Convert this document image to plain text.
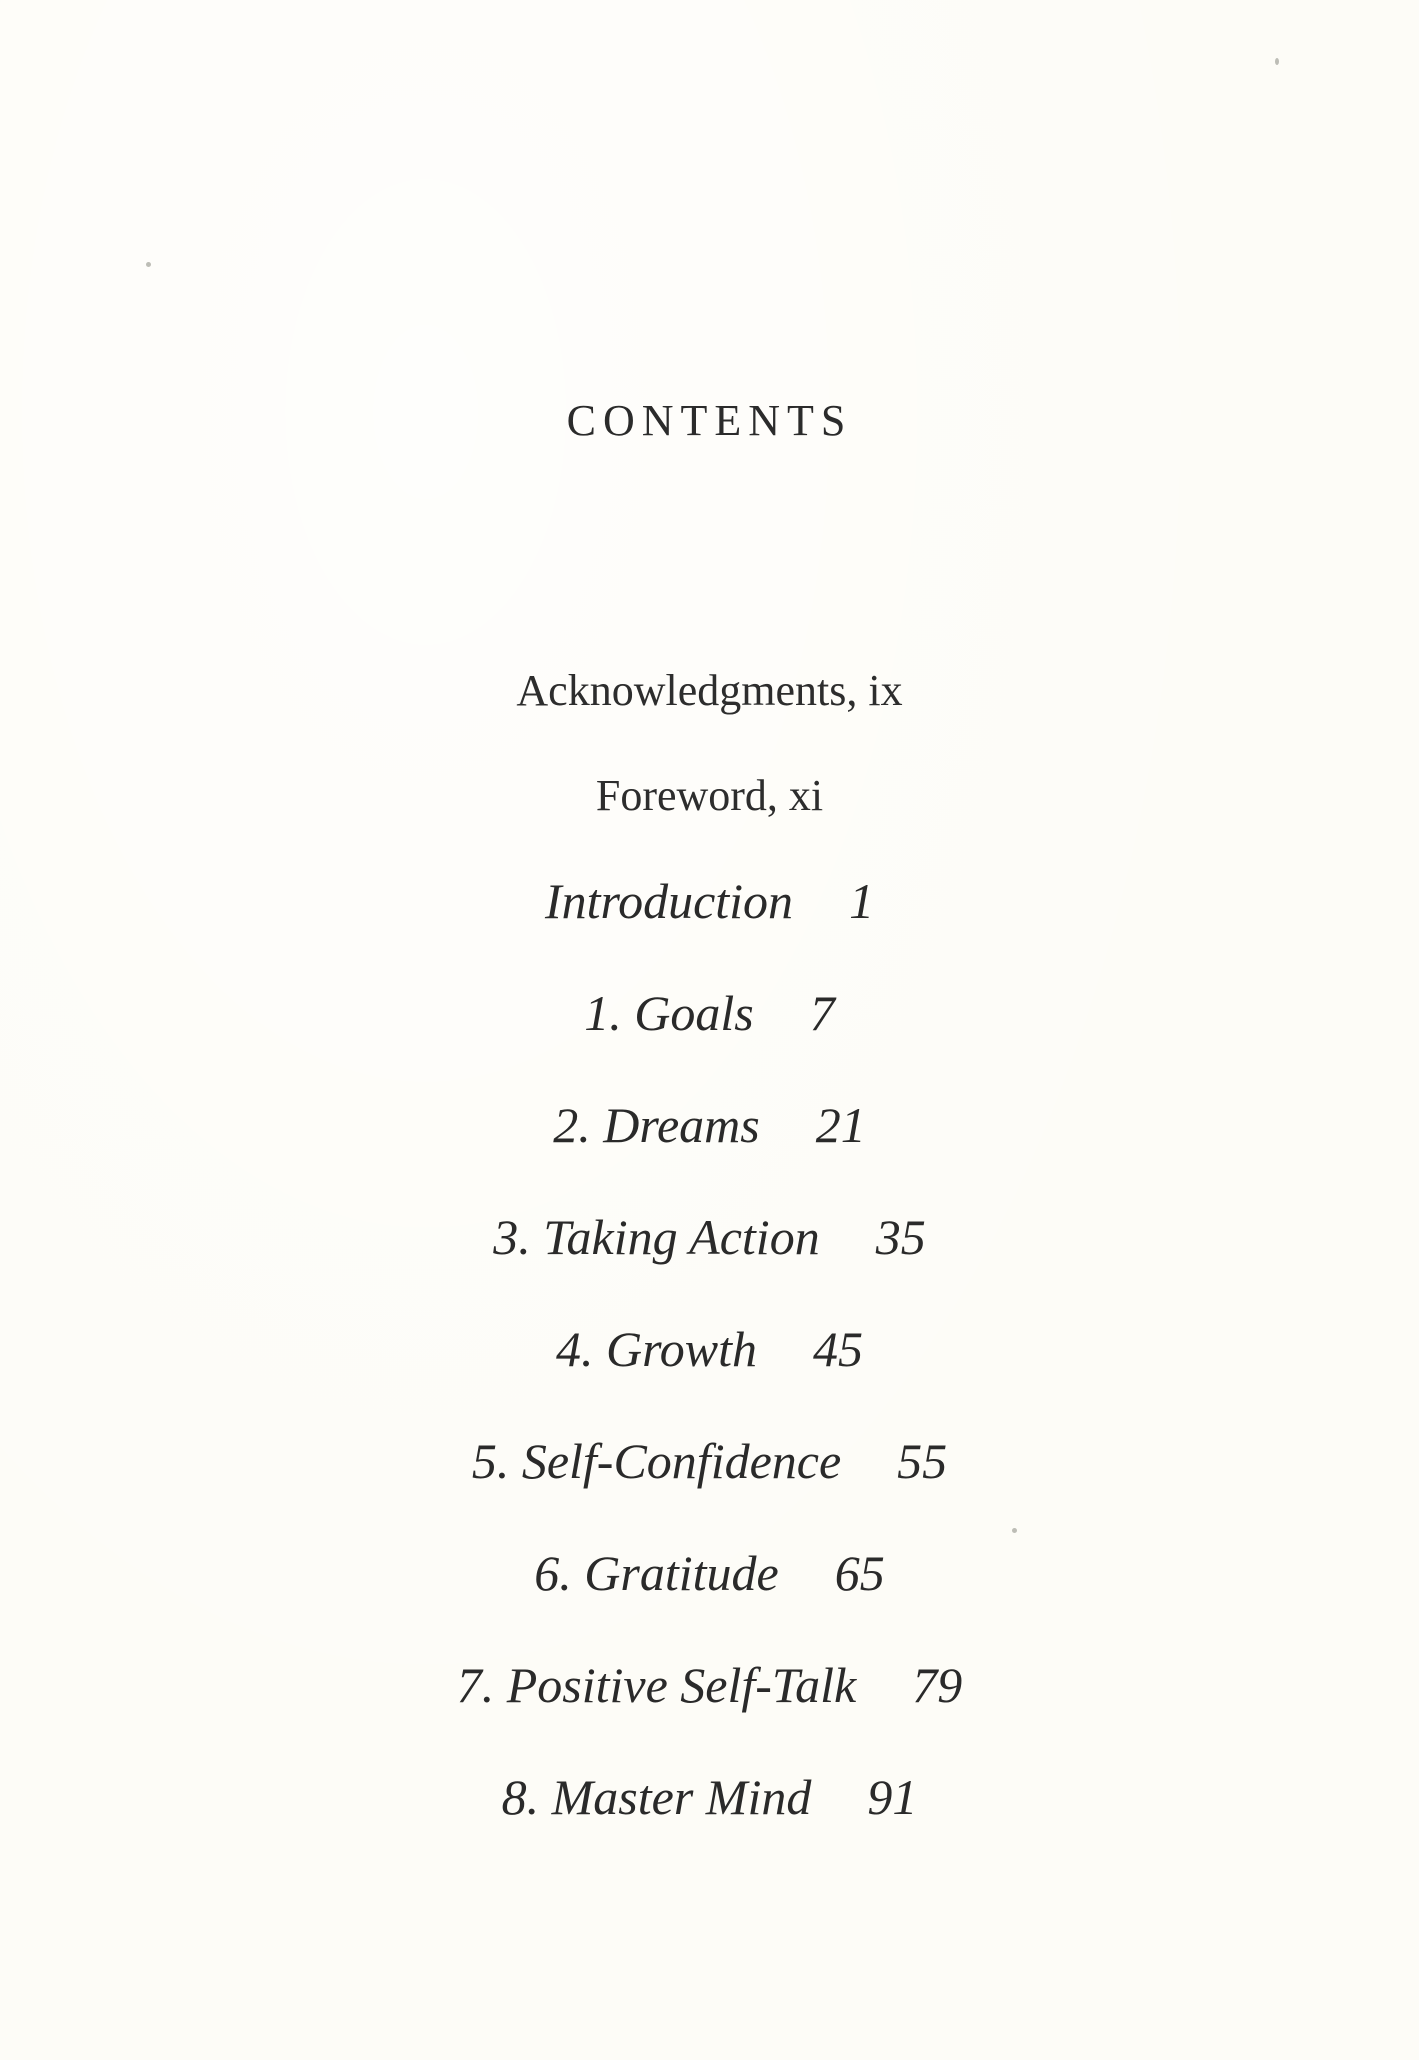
CONTENTS
Acknowledgments, ix
Foreword, xi
Introduction 1
1. Goals 7
2. Dreams 21
3. Taking Action 35
4. Growth 45
5. Self-Confidence 55
6. Gratitude 65
7. Positive Self-Talk 79
8. Master Mind 91
